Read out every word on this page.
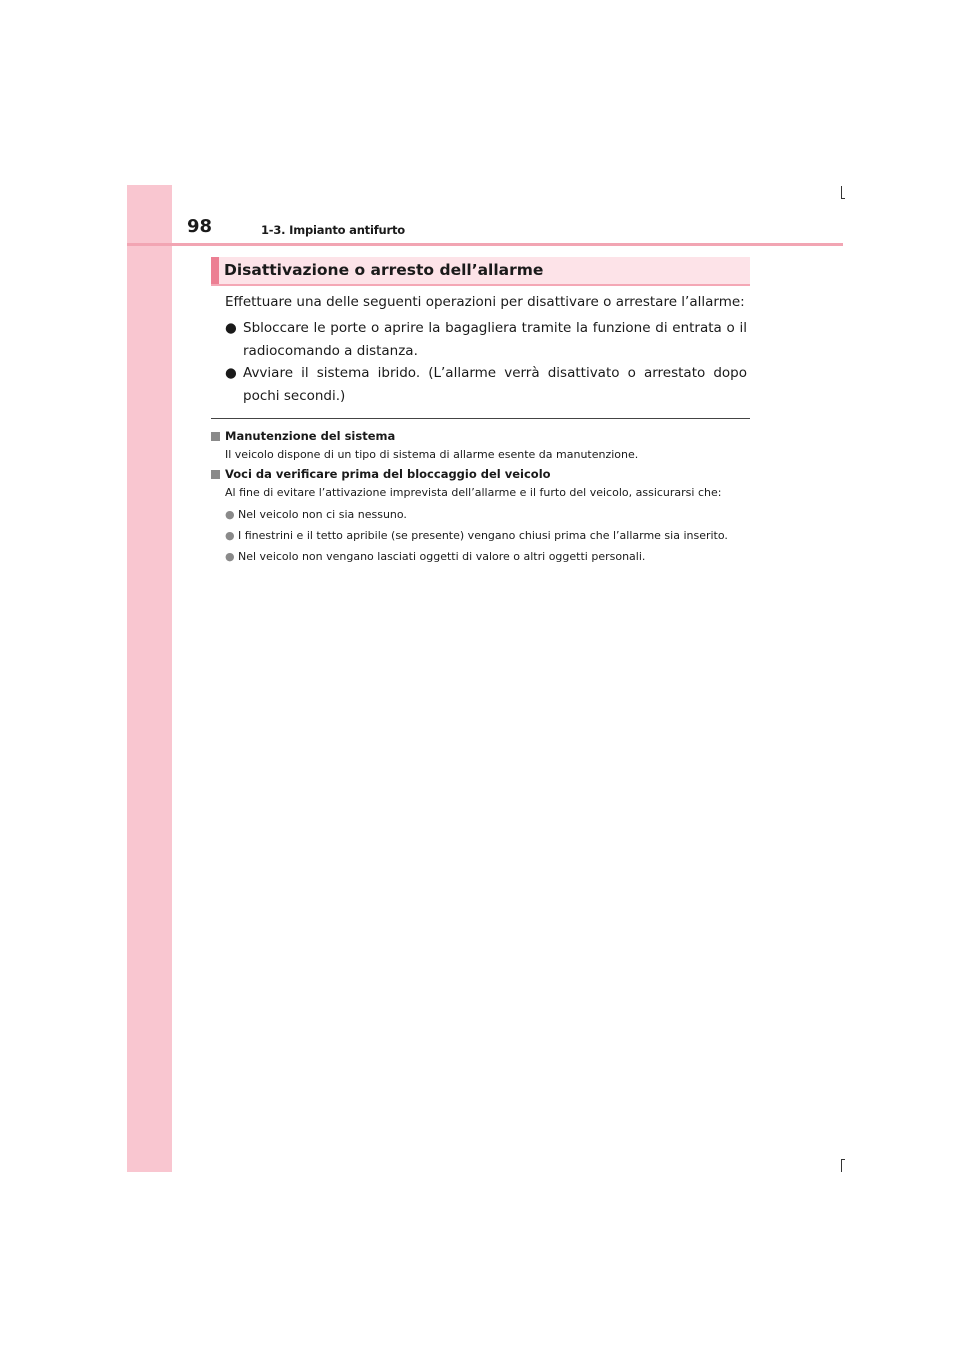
98	1-3. Impianto antifurto
Disattivazione o arresto dell’allarme
Effettuare una delle seguenti operazioni per disattivare o arrestare l’allarme:
● Sbloccare le porte o aprire la bagagliera tramite la funzione di entrata o il radiocomando a distanza.
● Avviare il sistema ibrido. (L’allarme verrà disattivato o arrestato dopo pochi secondi.)
Manutenzione del sistema
Il veicolo dispone di un tipo di sistema di allarme esente da manutenzione.
Voci da verificare prima del bloccaggio del veicolo
Al fine di evitare l’attivazione imprevista dell’allarme e il furto del veicolo, assicurarsi che:
● Nel veicolo non ci sia nessuno.
● I finestrini e il tetto apribile (se presente) vengano chiusi prima che l’allarme sia inserito.
● Nel veicolo non vengano lasciati oggetti di valore o altri oggetti personali.
